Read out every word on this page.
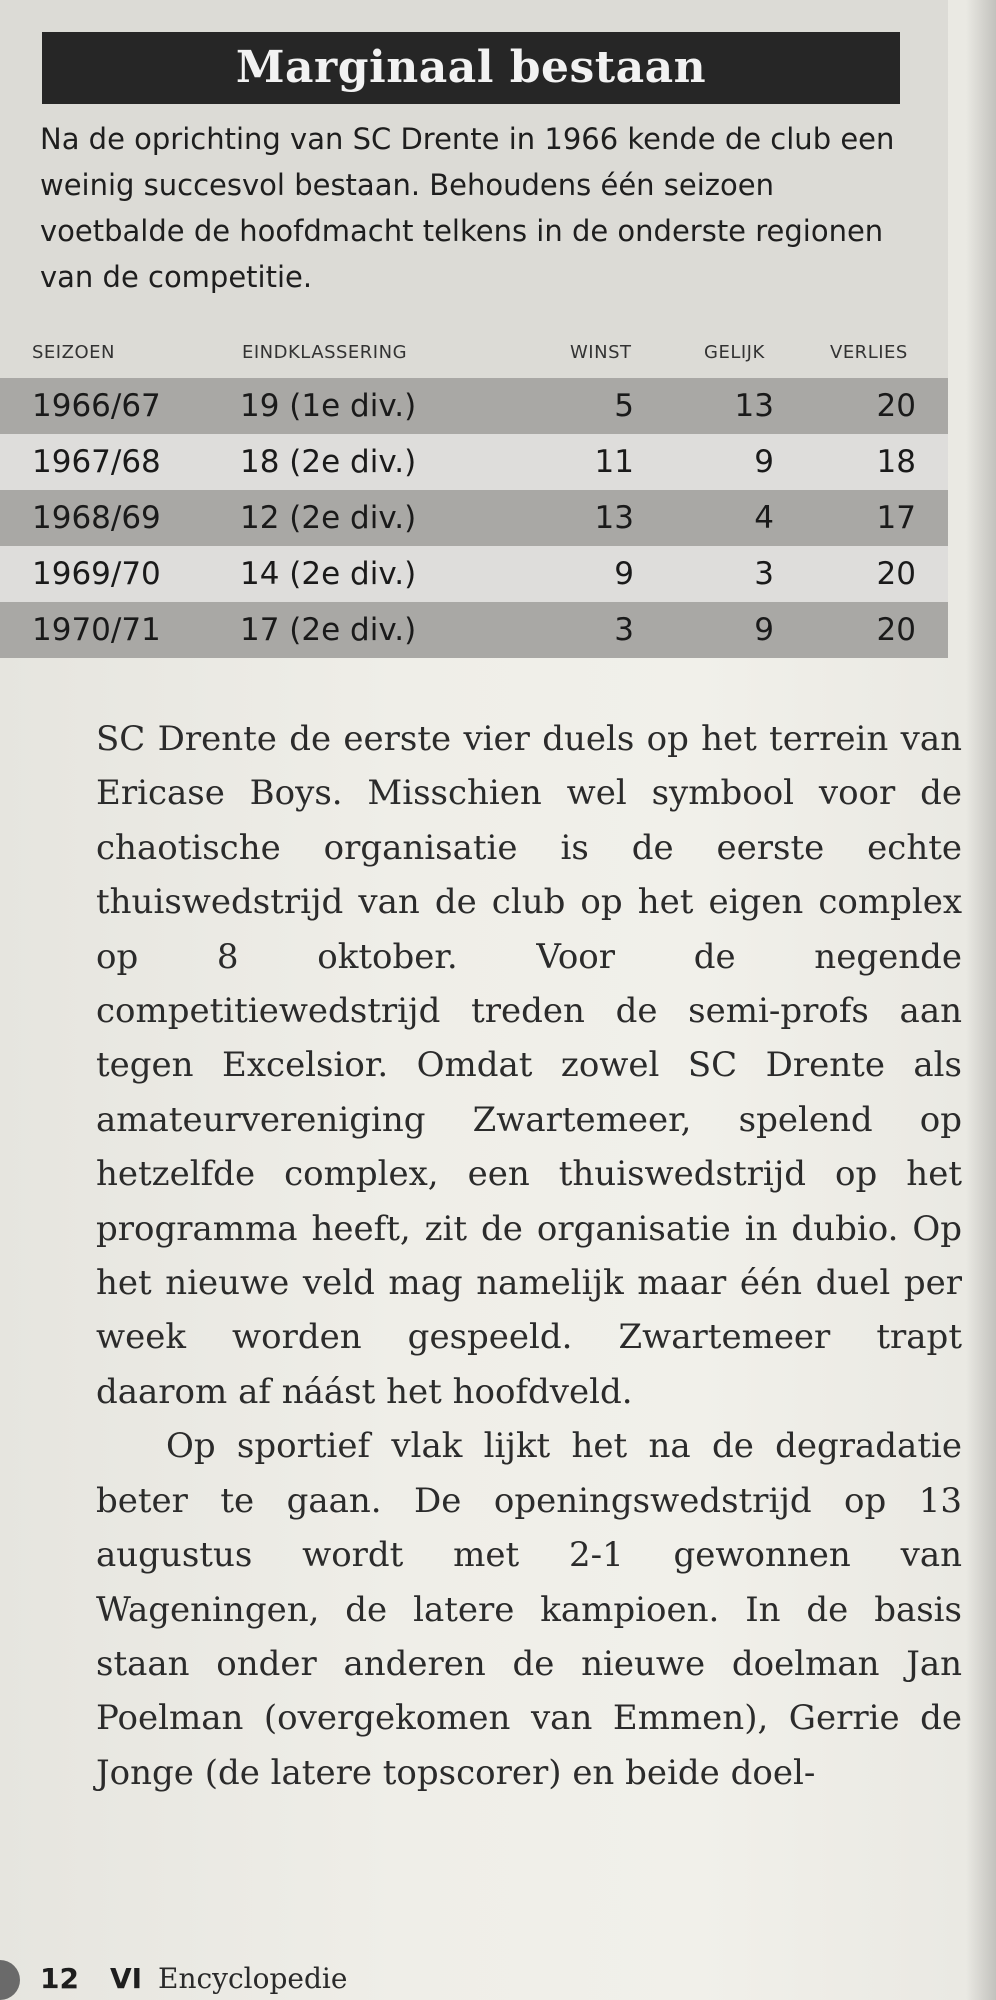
Marginaal bestaan

Na de oprichting van SC Drente in 1966 kende de club een weinig succesvol bestaan. Behoudens één seizoen voetbalde de hoofdmacht telkens in de onderste regionen van de competitie.

SEIZOEN	EINDKLASSERING	WINST	GELIJK	VERLIES
1966/67	19 (1e div.)	5	13	20
1967/68	18 (2e div.)	11	9	18
1968/69	12 (2e div.)	13	4	17
1969/70	14 (2e div.)	9	3	20
1970/71	17 (2e div.)	3	9	20

SC Drente de eerste vier duels op het terrein van Ericase Boys. Misschien wel symbool voor de chaotische organisatie is de eerste echte thuiswedstrijd van de club op het eigen complex op 8 oktober. Voor de negende competitiewedstrijd treden de semi-profs aan tegen Excelsior. Omdat zowel SC Drente als amateurvereniging Zwartemeer, spelend op hetzelfde complex, een thuiswedstrijd op het programma heeft, zit de organisatie in dubio. Op het nieuwe veld mag namelijk maar één duel per week worden gespeeld. Zwartemeer trapt daarom af náást het hoofdveld.

Op sportief vlak lijkt het na de degradatie beter te gaan. De openingswedstrijd op 13 augustus wordt met 2-1 gewonnen van Wageningen, de latere kampioen. In de basis staan onder anderen de nieuwe doelman Jan Poelman (overgekomen van Emmen), Gerrie de Jonge (de latere topscorer) en beide doel-

12 VI Encyclopedie
